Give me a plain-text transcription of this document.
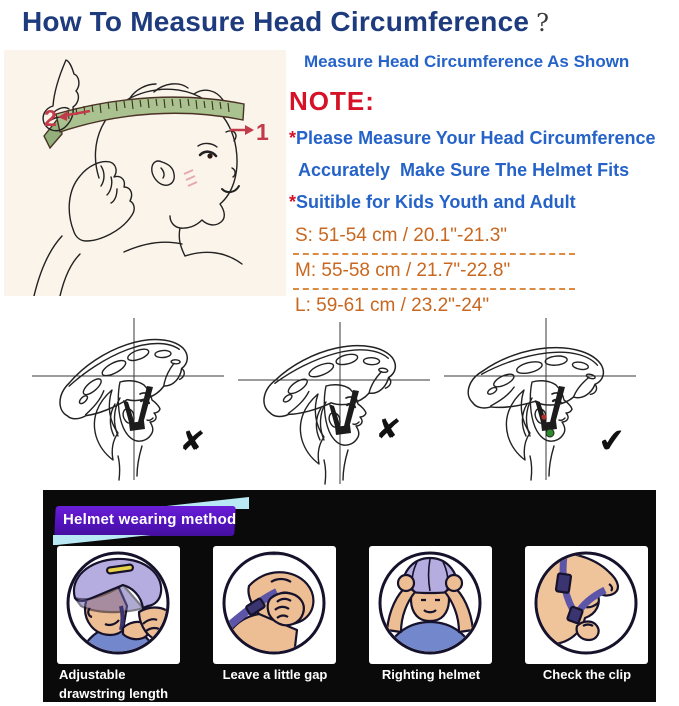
How To Measure Head Circumference ?
2
1
Measure Head Circumference As Shown
NOTE:
*Please Measure Your Head Circumference
Accurately  Make Sure The Helmet Fits
*Suitible for Kids Youth and Adult
S: 51-54 cm / 20.1"-21.3"
M: 55-58 cm / 21.7"-22.8"
L: 59-61 cm / 23.2"-24"
✘	✘	✔
Helmet wearing method
Adjustable drawstring length
Leave a little gap	Righting helmet	Check the clip
